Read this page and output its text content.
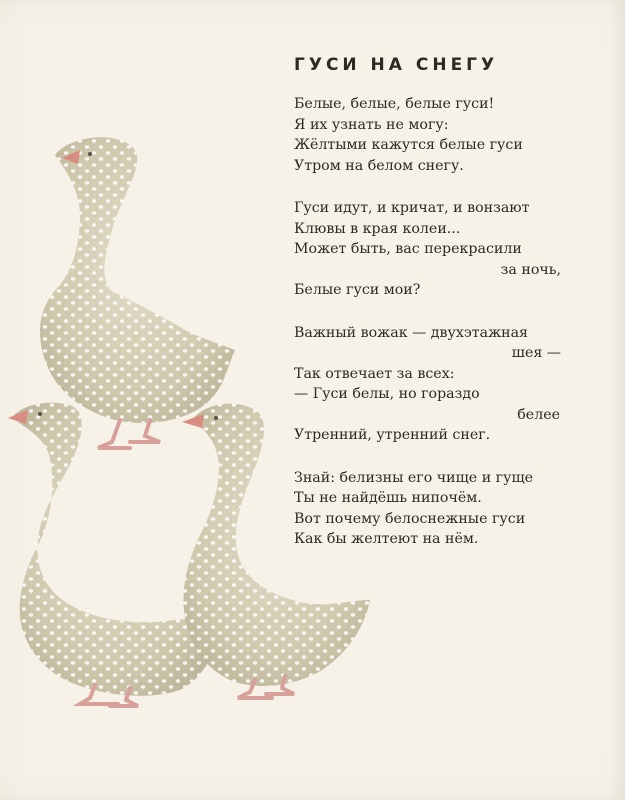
ГУСИ НА СНЕГУ
Белые, белые, белые гуси!
Я их узнать не могу:
Жёлтыми кажутся белые гуси
Утром на белом снегу.
Гуси идут, и кричат, и вонзают
Клювы в края колеи...
Может быть, вас перекрасили
за ночь,
Белые гуси мои?
Важный вожак — двухэтажная
шея —
Так отвечает за всех:
— Гуси белы, но гораздо
белее
Утренний, утренний снег.
Знай: белизны его чище и гуще
Ты не найдёшь нипочём.
Вот почему белоснежные гуси
Как бы желтеют на нём.
